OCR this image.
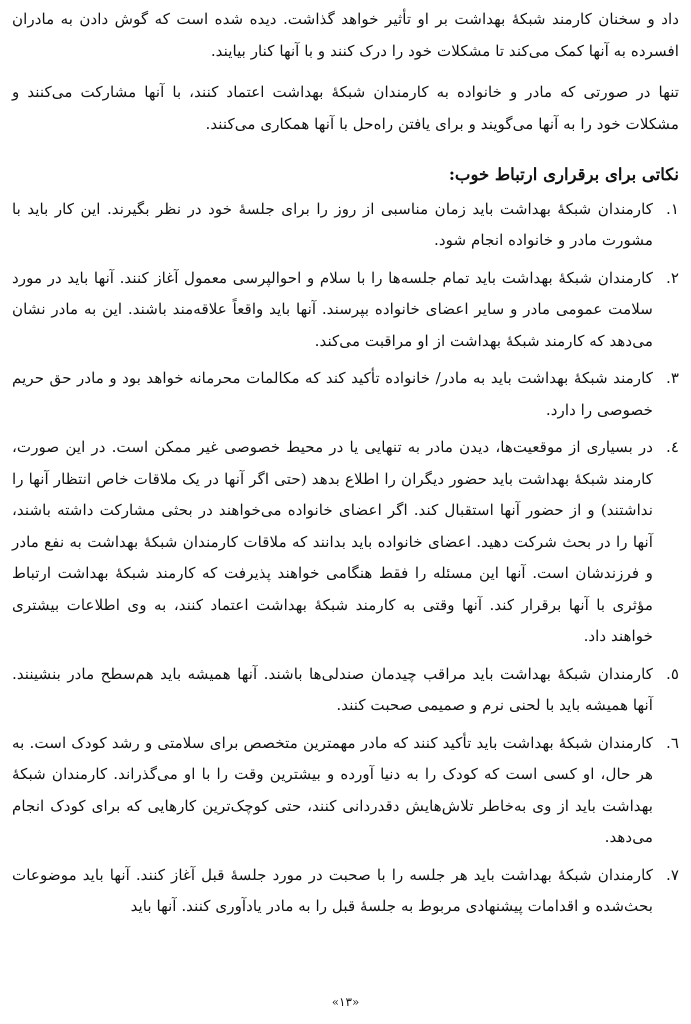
داد و سخنان کارمند شبکهٔ بهداشت بر او تأثیر خواهد گذاشت. دیده شده است که گوش دادن به مادران افسرده به آنها کمک می‌کند تا مشکلات خود را درک کنند و با آنها کنار بیایند.

تنها در صورتی که مادر و خانواده به کارمندان شبکهٔ بهداشت اعتماد کنند، با آنها مشارکت می‌کنند و مشکلات خود را به آنها می‌گویند و برای یافتن راه‌حل با آنها همکاری می‌کنند.

نکاتی برای برقراری ارتباط خوب:

۱.
کارمندان شبکهٔ بهداشت باید زمان مناسبی از روز را برای جلسهٔ خود در نظر بگیرند. این کار باید با مشورت مادر و خانواده انجام شود.
۲.
کارمندان شبکهٔ بهداشت باید تمام جلسه‌ها را با سلام و احوالپرسی معمول آغاز کنند. آنها باید در مورد سلامت عمومی مادر و سایر اعضای خانواده بپرسند. آنها باید واقعاً علاقه‌مند باشند. این به مادر نشان می‌دهد که کارمند شبکهٔ بهداشت از او مراقبت می‌کند.
۳.
کارمند شبکهٔ بهداشت باید به مادر/ خانواده تأکید کند که مکالمات محرمانه خواهد بود و مادر حق حریم خصوصی را دارد.
٤.
در بسیاری از موقعیت‌ها، دیدن مادر به تنهایی یا در محیط خصوصی غیر ممکن است. در این صورت، کارمند شبکهٔ بهداشت باید حضور دیگران را اطلاع بدهد (حتی اگر آنها در یک ملاقات خاص انتظار آنها را نداشتند) و از حضور آنها استقبال کند. اگر اعضای خانواده می‌خواهند در بحثی مشارکت داشته باشند، آنها را در بحث شرکت دهید. اعضای خانواده باید بدانند که ملاقات کارمندان شبکهٔ بهداشت به نفع مادر و فرزندشان است. آنها این مسئله را فقط هنگامی خواهند پذیرفت که کارمند شبکهٔ بهداشت ارتباط مؤثری با آنها برقرار کند. آنها وقتی به کارمند شبکهٔ بهداشت اعتماد کنند، به وی اطلاعات بیشتری خواهند داد.
٥.
کارمندان شبکهٔ بهداشت باید مراقب چیدمان صندلی‌ها باشند. آنها همیشه باید هم‌سطح مادر بنشینند. آنها همیشه باید با لحنی نرم و صمیمی صحبت کنند.
٦.
کارمندان شبکهٔ بهداشت باید تأکید کنند که مادر مهمترین متخصص برای سلامتی و رشد کودک است. به هر حال، او کسی است که کودک را به دنیا آورده و بیشترین وقت را با او می‌گذراند. کارمندان شبکهٔ بهداشت باید از وی به‌خاطر تلاش‌هایش دقدردانی کنند، حتی کوچک‌ترین کارهایی که برای کودک انجام می‌دهد.
۷.
کارمندان شبکهٔ بهداشت باید هر جلسه را با صحبت در مورد جلسهٔ قبل آغاز کنند. آنها باید موضوعات بحث‌شده و اقدامات پیشنهادی مربوط به جلسهٔ قبل را به مادر یادآوری کنند. آنها باید
«۱۳»
